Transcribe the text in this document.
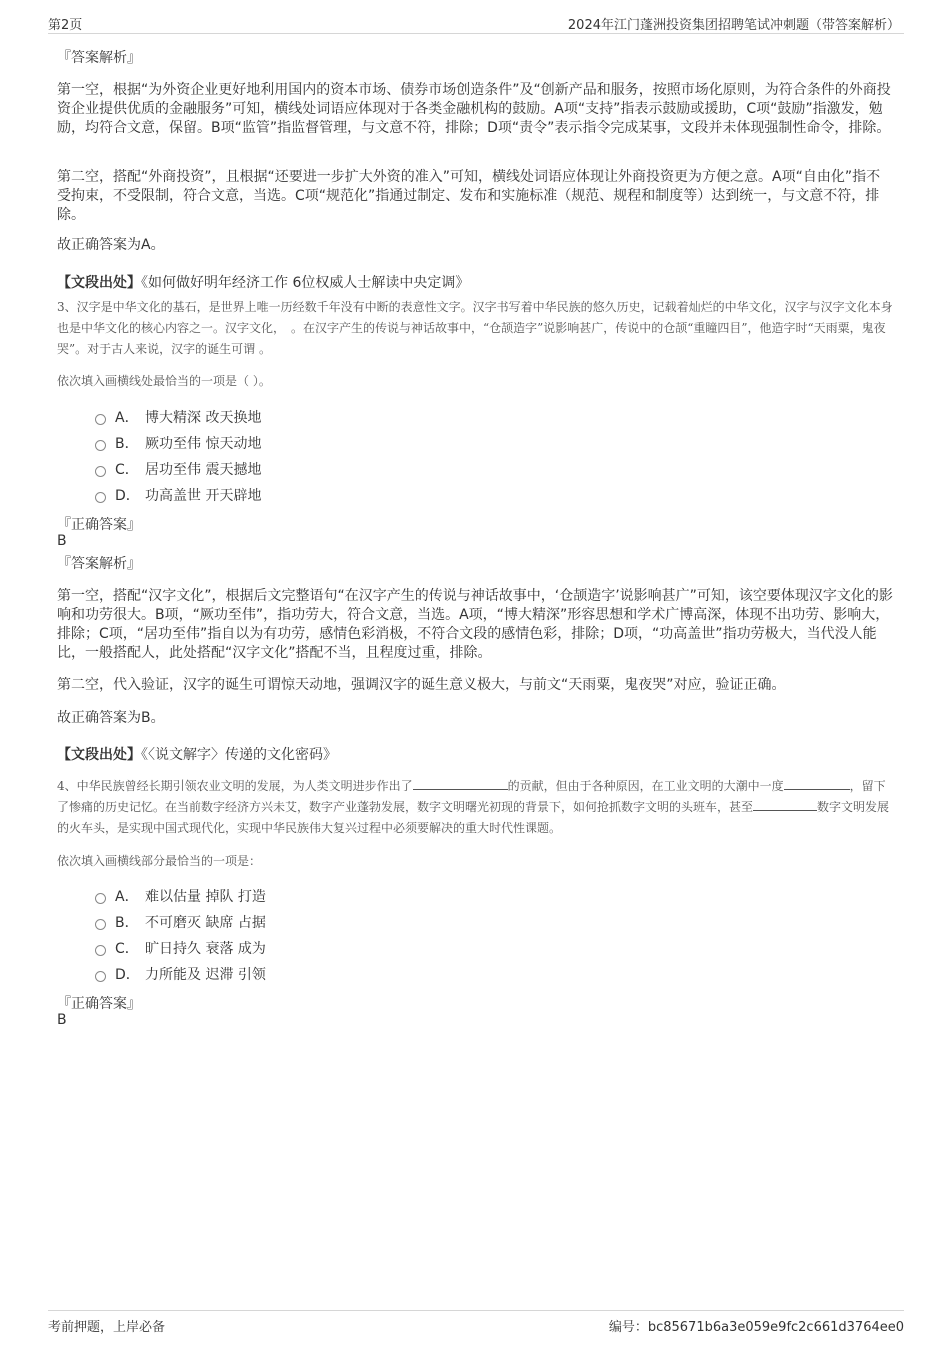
第2页	2024年江门蓬洲投资集团招聘笔试冲刺题（带答案解析）
『答案解析』
第一空，根据“为外资企业更好地利用国内的资本市场、债券市场创造条件”及“创新产品和服务，按照市场化原则，为符合条件的外商投资企业提供优质的金融服务”可知，横线处词语应体现对于各类金融机构的鼓励。A项“支持”指表示鼓励或援助，C项“鼓励”指激发，勉励，均符合文意，保留。B项“监管”指监督管理，与文意不符，排除；D项“责令”表示指令完成某事，文段并未体现强制性命令，排除。
第二空，搭配“外商投资”，且根据“还要进一步扩大外资的准入”可知，横线处词语应体现让外商投资更为方便之意。A项“自由化”指不受拘束，不受限制，符合文意，当选。C项“规范化”指通过制定、发布和实施标准（规范、规程和制度等）达到统一，与文意不符，排除。
故正确答案为A。
【文段出处】《如何做好明年经济工作 6位权威人士解读中央定调》
3、汉字是中华文化的基石，是世界上唯一历经数千年没有中断的表意性文字。汉字书写着中华民族的悠久历史，记载着灿烂的中华文化，汉字与汉字文化本身也是中华文化的核心内容之一。汉字文化，　。在汉字产生的传说与神话故事中，“仓颉造字”说影响甚广，传说中的仓颉“重瞳四目”，他造字时“天雨粟，鬼夜哭”。对于古人来说，汉字的诞生可谓 。
依次填入画横线处最恰当的一项是（ ）。
A． 博大精深 改天换地
B． 厥功至伟 惊天动地
C． 居功至伟 震天撼地
D． 功高盖世 开天辟地
『正确答案』
B
『答案解析』
第一空，搭配“汉字文化”，根据后文完整语句“在汉字产生的传说与神话故事中，‘仓颉造字’说影响甚广”可知，该空要体现汉字文化的影响和功劳很大。B项，“厥功至伟”，指功劳大，符合文意，当选。A项，“博大精深”形容思想和学术广博高深，体现不出功劳、影响大，排除；C项，“居功至伟”指自以为有功劳，感情色彩消极，不符合文段的感情色彩，排除；D项，“功高盖世”指功劳极大，当代没人能比，一般搭配人，此处搭配“汉字文化”搭配不当，且程度过重，排除。
第二空，代入验证，汉字的诞生可谓惊天动地，强调汉字的诞生意义极大，与前文“天雨粟，鬼夜哭”对应，验证正确。
故正确答案为B。
【文段出处】《〈说文解字〉传递的文化密码》
4、中华民族曾经长期引领农业文明的发展，为人类文明进步作出了	的贡献，但由于各种原因，在工业文明的大潮中一度	，留下了惨痛的历史记忆。在当前数字经济方兴未艾，数字产业蓬勃发展，数字文明曙光初现的背景下，如何抢抓数字文明的头班车，甚至	数字文明发展的火车头，是实现中国式现代化，实现中华民族伟大复兴过程中必须要解决的重大时代性课题。
依次填入画横线部分最恰当的一项是：
A． 难以估量 掉队 打造
B． 不可磨灭 缺席 占据
C． 旷日持久 衰落 成为
D． 力所能及 迟滞 引领
『正确答案』
B
考前押题，上岸必备	编号：bc85671b6a3e059e9fc2c661d3764ee0
